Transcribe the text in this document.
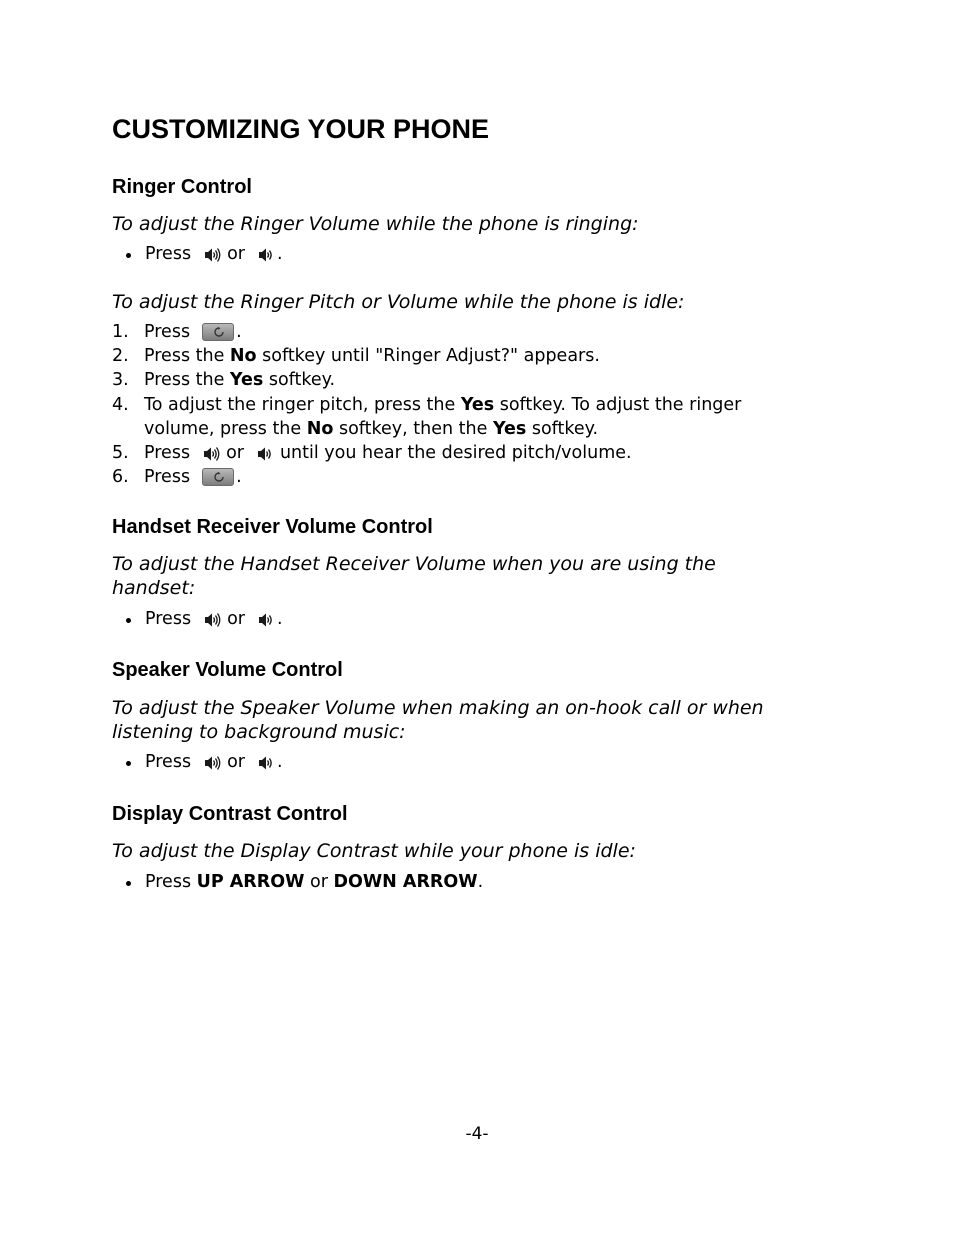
CUSTOMIZING YOUR PHONE
Ringer Control

To adjust the Ringer Volume while the phone is ringing:

Press or .

To adjust the Ringer Pitch or Volume while the phone is idle:

1. Press	.
2. Press the No softkey until "Ringer Adjust?" appears.
3. Press the Yes softkey.
4. To adjust the ringer pitch, press the Yes softkey. To adjust the ringer
volume, press the No softkey, then the Yes softkey.
5. Press or until you hear the desired pitch/volume.
6. Press	.
Handset Receiver Volume Control

To adjust the Handset Receiver Volume when you are using the handset:

Press or .
Speaker Volume Control

To adjust the Speaker Volume when making an on-hook call or when listening to background music:

Press or .
Display Contrast Control

To adjust the Display Contrast while your phone is idle:

Press UP ARROW or DOWN ARROW.
-4-
